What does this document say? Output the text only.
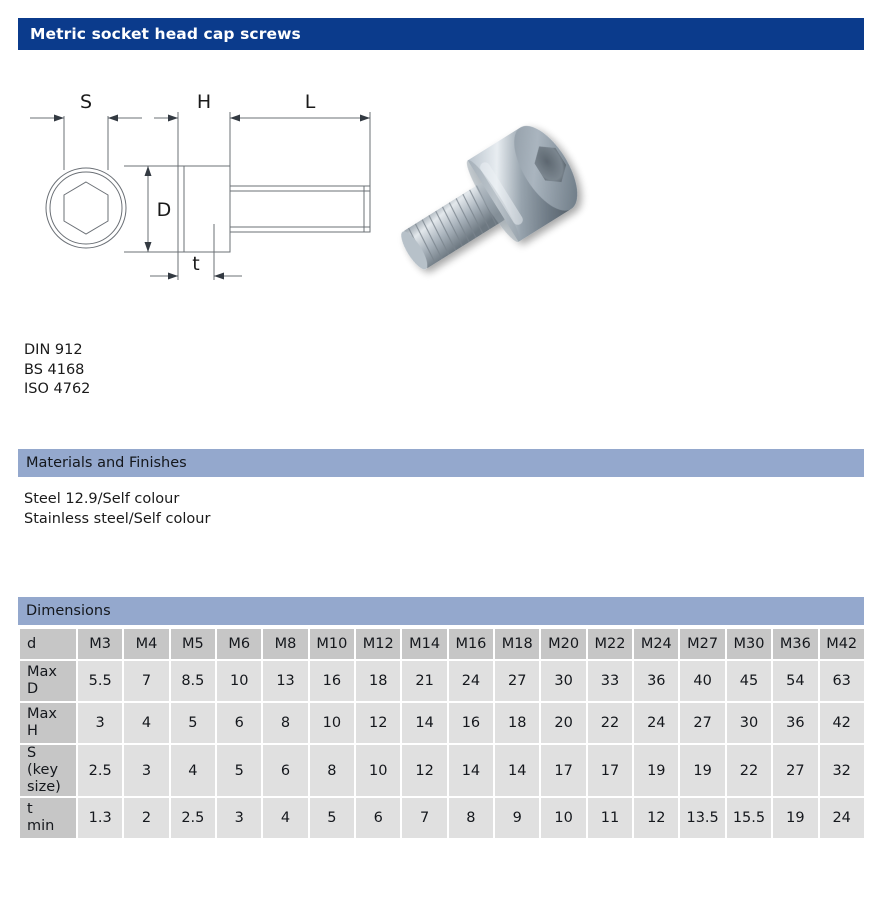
Metric socket head cap screws
S	H	L
D
t
DIN 912
BS 4168
ISO 4762
Materials and Finishes
Steel 12.9/Self colour
Stainless steel/Self colour
Dimensions
d	M3	M4	M5	M6	M8	M10	M12	M14	M16	M18	M20	M22	M24	M27	M30	M36	M42

Max
D	5.5	7	8.5	10	13	16	18	21	24	27	30	33	36	40	45	54	63

Max
H	3	4	5	6	8	10	12	14	16	18	20	22	24	27	30	36	42

S
(key
size)	2.5	3	4	5	6	8	10	12	14	14	17	17	19	19	22	27	32

t
min	1.3	2	2.5	3	4	5	6	7	8	9	10	11	12	13.5	15.5	19	24
